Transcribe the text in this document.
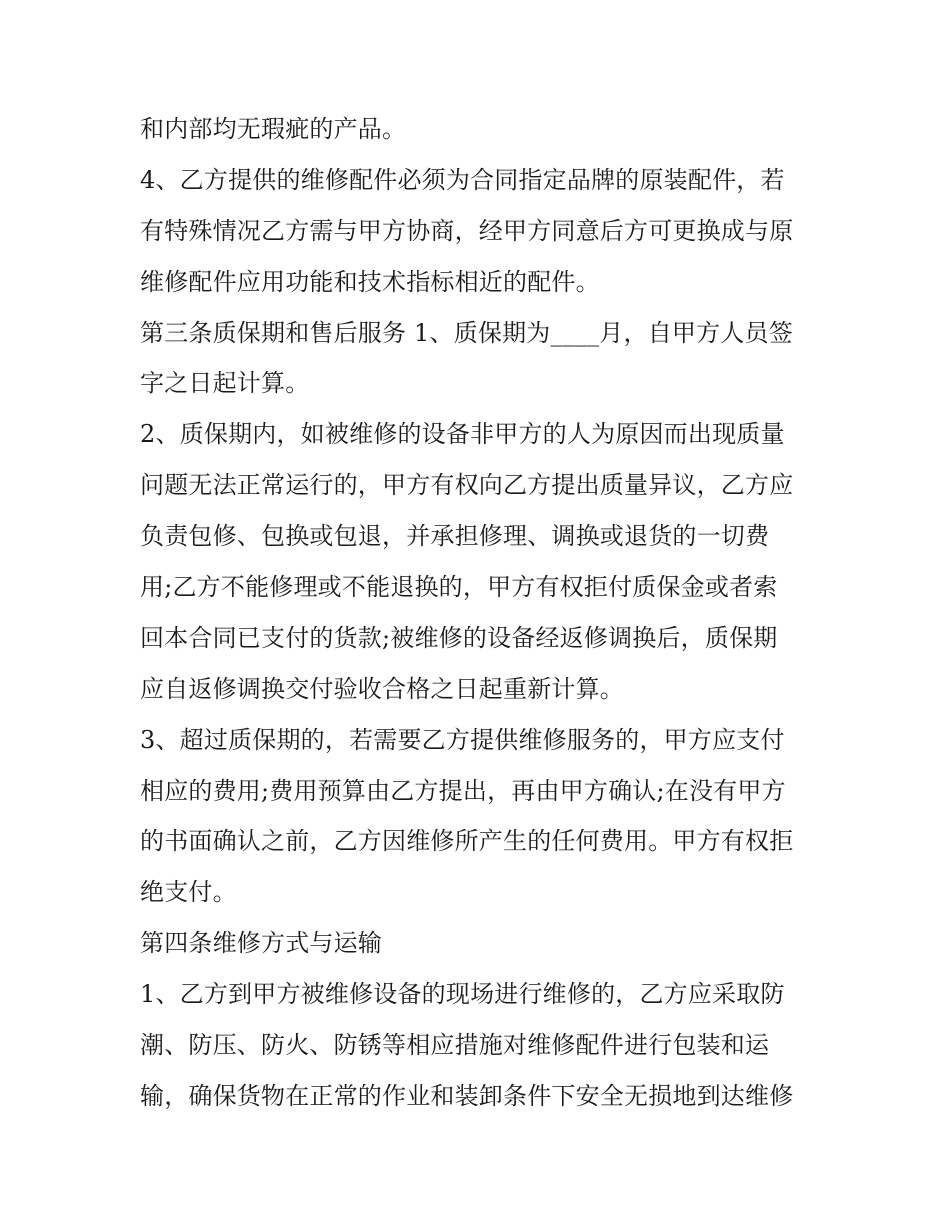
和内部均无瑕疵的产品。
4、乙方提供的维修配件必须为合同指定品牌的原装配件，若
有特殊情况乙方需与甲方协商，经甲方同意后方可更换成与原
维修配件应用功能和技术指标相近的配件。
第三条质保期和售后服务 1、质保期为____月，自甲方人员签
字之日起计算。
2、质保期内，如被维修的设备非甲方的人为原因而出现质量
问题无法正常运行的，甲方有权向乙方提出质量异议，乙方应
负责包修、包换或包退，并承担修理、调换或退货的一切费
用;乙方不能修理或不能退换的，甲方有权拒付质保金或者索
回本合同已支付的货款;被维修的设备经返修调换后，质保期
应自返修调换交付验收合格之日起重新计算。
3、超过质保期的，若需要乙方提供维修服务的，甲方应支付
相应的费用;费用预算由乙方提出，再由甲方确认;在没有甲方
的书面确认之前，乙方因维修所产生的任何费用。甲方有权拒
绝支付。
第四条维修方式与运输
1、乙方到甲方被维修设备的现场进行维修的，乙方应采取防
潮、防压、防火、防锈等相应措施对维修配件进行包装和运
输，确保货物在正常的作业和装卸条件下安全无损地到达维修
